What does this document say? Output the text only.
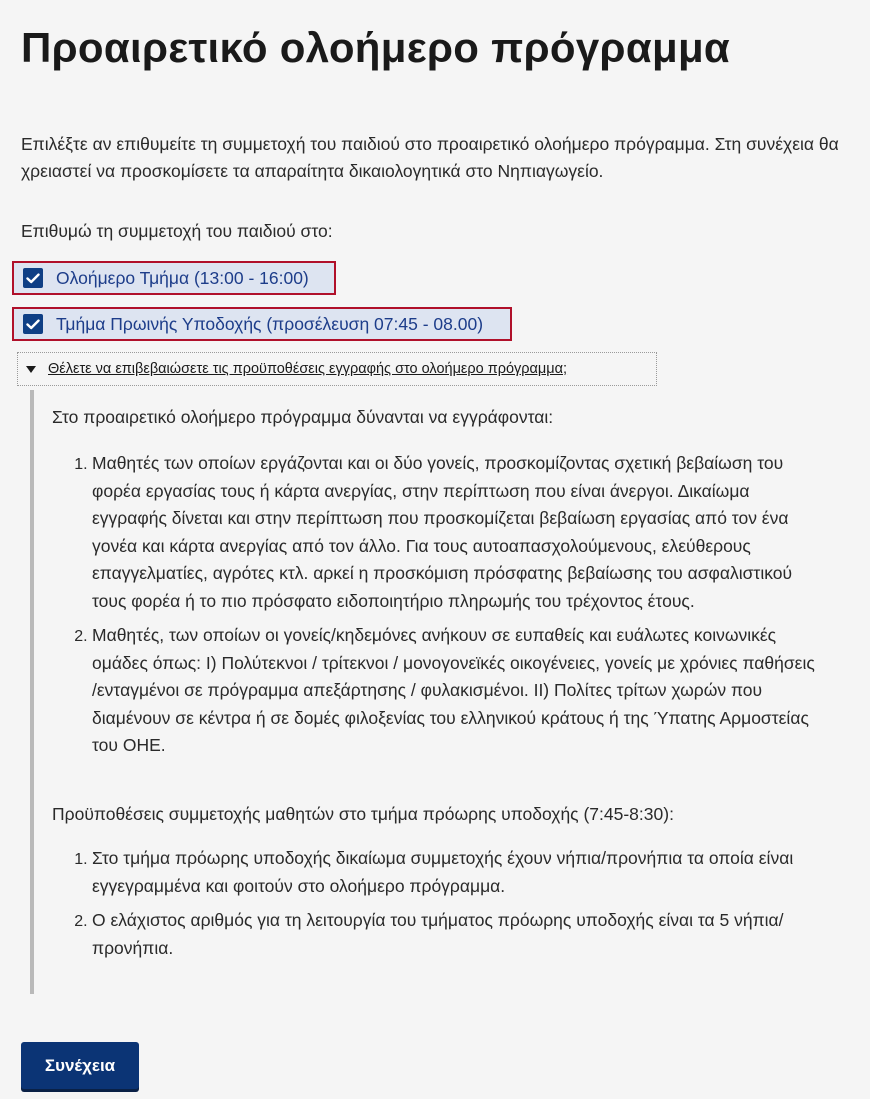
Προαιρετικό ολοήμερο πρόγραμμα

Επιλέξτε αν επιθυμείτε τη συμμετοχή του παιδιού στο προαιρετικό ολοήμερο πρόγραμμα. Στη συνέχεια θα χρειαστεί να προσκομίσετε τα απαραίτητα δικαιολογητικά στο Νηπιαγωγείο.

Επιθυμώ τη συμμετοχή του παιδιού στο:

Ολοήμερο Τμήμα (13:00 - 16:00)
Τμήμα Πρωινής Υποδοχής (προσέλευση 07:45 - 08.00)
Θέλετε να επιβεβαιώσετε τις προϋποθέσεις εγγραφής στο ολοήμερο πρόγραμμα;

Στο προαιρετικό ολοήμερο πρόγραμμα δύνανται να εγγράφονται:

1. Μαθητές των οποίων εργάζονται και οι δύο γονείς, προσκομίζοντας σχετική βεβαίωση του φορέα εργασίας τους ή κάρτα ανεργίας, στην περίπτωση που είναι άνεργοι. Δικαίωμα εγγραφής δίνεται και στην περίπτωση που προσκομίζεται βεβαίωση εργασίας από τον ένα γονέα και κάρτα ανεργίας από τον άλλο. Για τους αυτοαπασχολούμενους, ελεύθερους επαγγελματίες, αγρότες κτλ. αρκεί η προσκόμιση πρόσφατης βεβαίωσης του ασφαλιστικού τους φορέα ή το πιο πρόσφατο ειδοποιητήριο πληρωμής του τρέχοντος έτους.
2. Μαθητές, των οποίων οι γονείς/κηδεμόνες ανήκουν σε ευπαθείς και ευάλωτες κοινωνικές ομάδες όπως: Ι) Πολύτεκνοι / τρίτεκνοι / μονογονεϊκές οικογένειες, γονείς με χρόνιες παθήσεις /ενταγμένοι σε πρόγραμμα απεξάρτησης / φυλακισμένοι. ΙΙ) Πολίτες τρίτων χωρών που διαμένουν σε κέντρα ή σε δομές φιλοξενίας του ελληνικού κράτους ή της Ύπατης Αρμοστείας του ΟΗΕ.

Προϋποθέσεις συμμετοχής μαθητών στο τμήμα πρόωρης υποδοχής (7:45-8:30):

1. Στο τμήμα πρόωρης υποδοχής δικαίωμα συμμετοχής έχουν νήπια/προνήπια τα οποία είναι εγγεγραμμένα και φοιτούν στο ολοήμερο πρόγραμμα.
2. Ο ελάχιστος αριθμός για τη λειτουργία του τμήματος πρόωρης υποδοχής είναι τα 5 νήπια/προνήπια.
Συνέχεια
